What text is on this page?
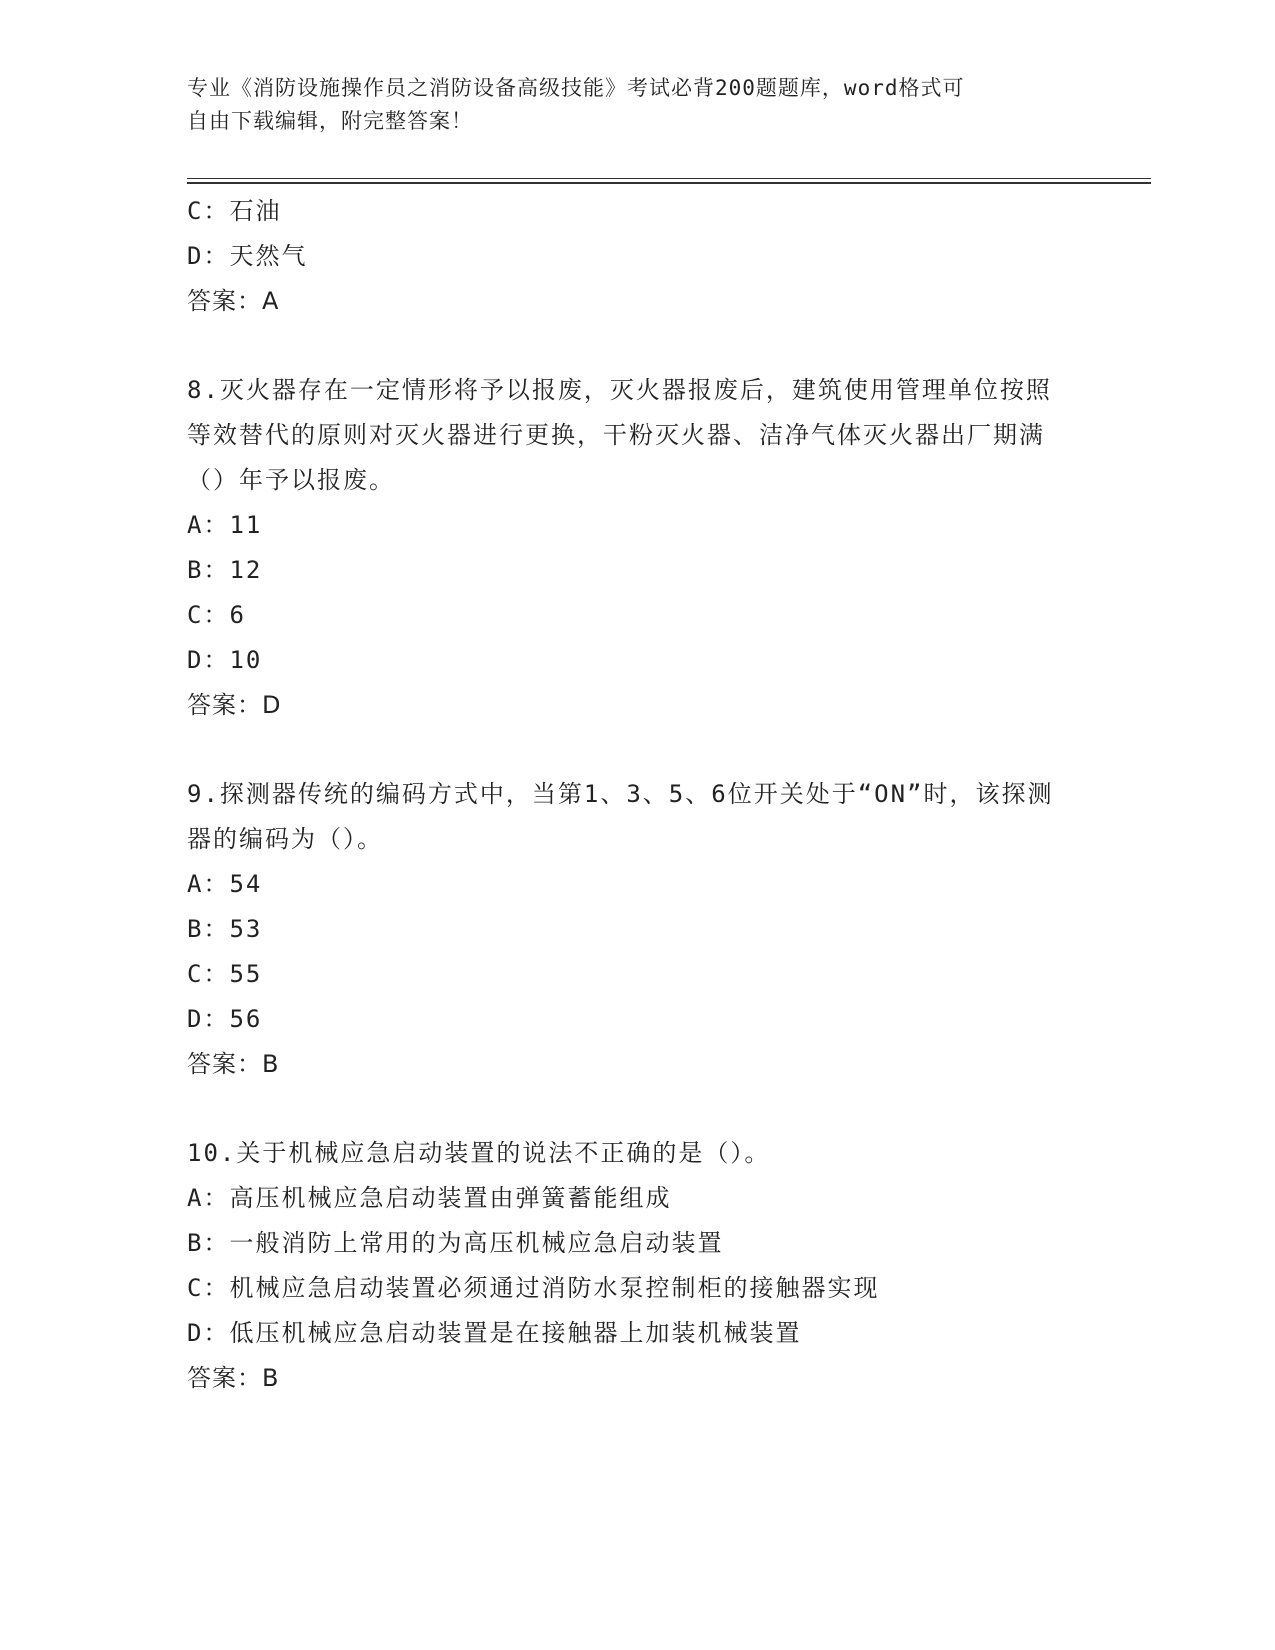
专业《消防设施操作员之消防设备高级技能》考试必背200题题库，word格式可
自由下载编辑，附完整答案！
C：石油
D：天然气
答案：A
8.灭火器存在一定情形将予以报废，灭火器报废后，建筑使用管理单位按照等效替代的原则对灭火器进行更换，干粉灭火器、洁净气体灭火器出厂期满（）年予以报废。
A：11
B：12
C：6
D：10
答案：D
9.探测器传统的编码方式中，当第1、3、5、6位开关处于“ON”时，该探测器的编码为（）。
A：54
B：53
C：55
D：56
答案：B
10.关于机械应急启动装置的说法不正确的是（）。
A：高压机械应急启动装置由弹簧蓄能组成
B：一般消防上常用的为高压机械应急启动装置
C：机械应急启动装置必须通过消防水泵控制柜的接触器实现
D：低压机械应急启动装置是在接触器上加装机械装置
答案：B
